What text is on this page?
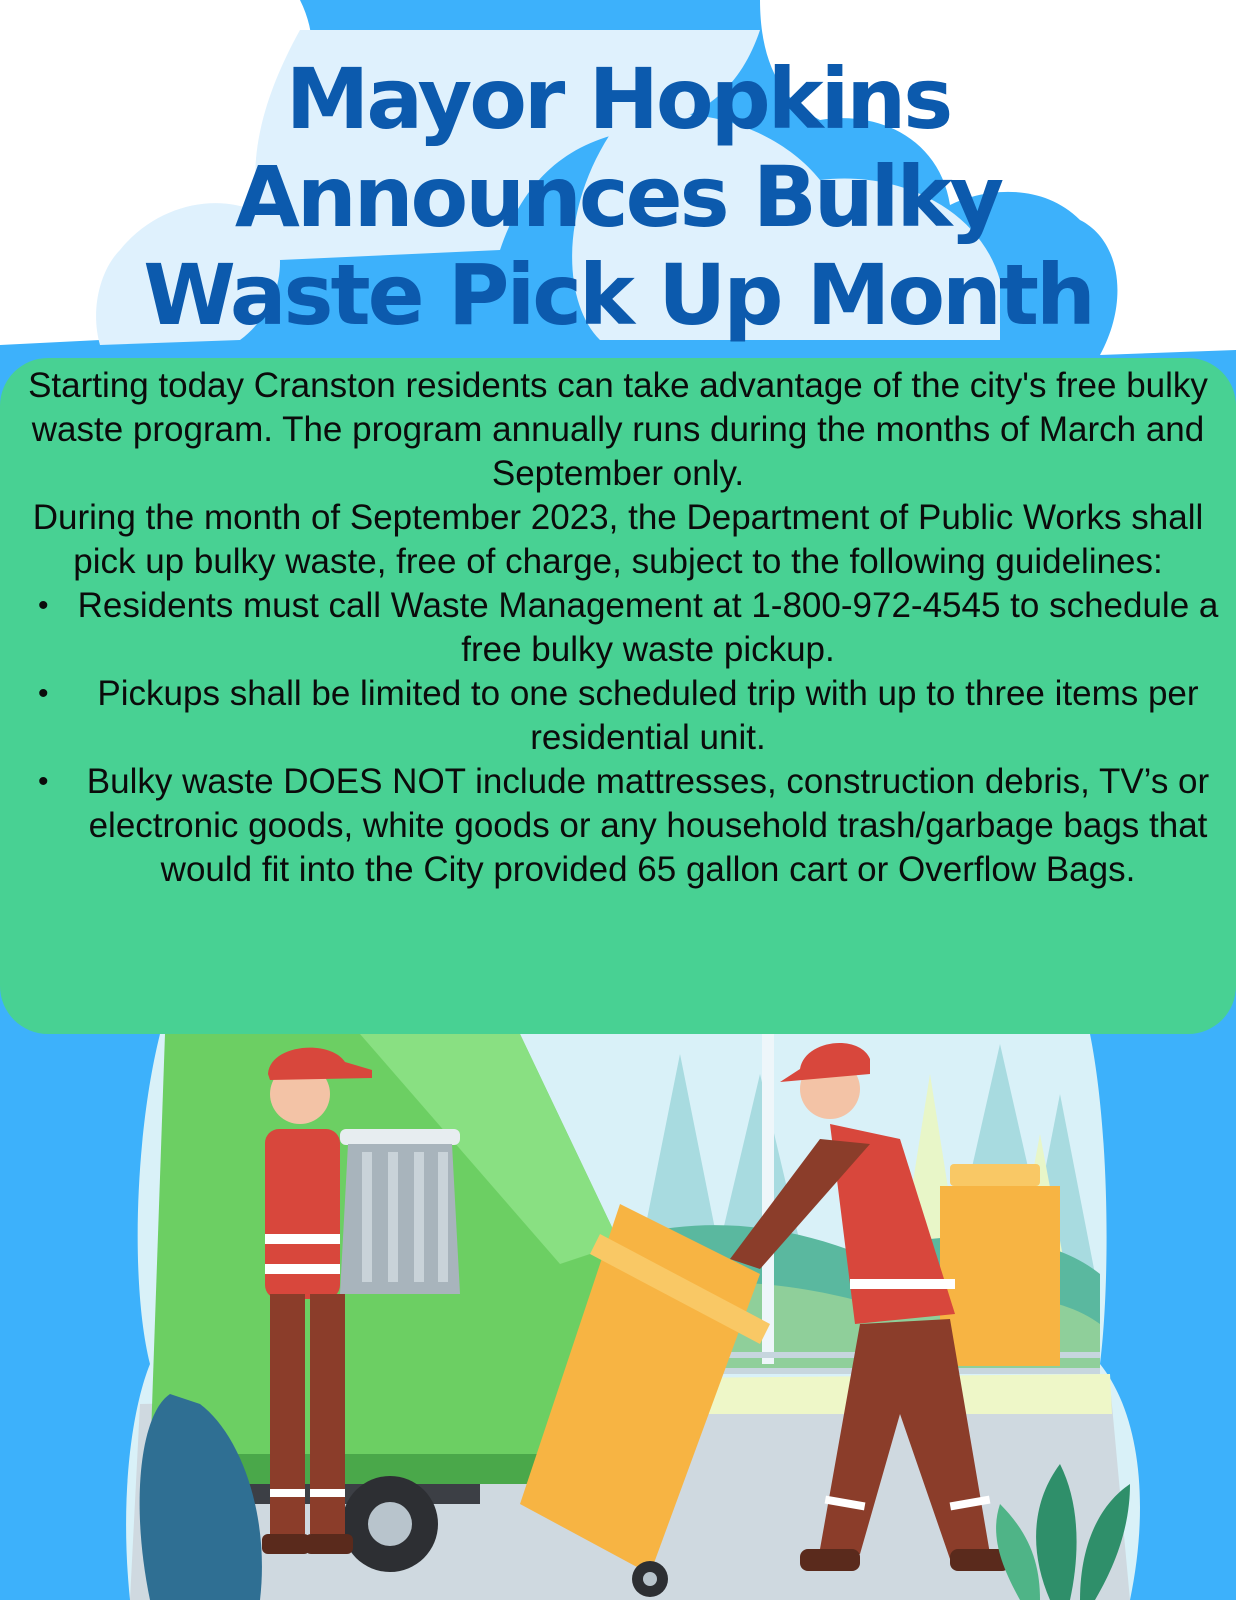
Mayor Hopkins
Announces Bulky
Waste Pick Up Month

Starting today Cranston residents can take advantage of the city's free bulky waste program. The program annually runs during the months of March and September only.

During the month of September 2023, the Department of Public Works shall pick up bulky waste, free of charge, subject to the following guidelines:

• Residents must call Waste Management at 1-800-972-4545 to schedule a free bulky waste pickup.
• Pickups shall be limited to one scheduled trip with up to three items per residential unit.
• Bulky waste DOES NOT include mattresses, construction debris, TV’s or electronic goods, white goods or any household trash/garbage bags that would fit into the City provided 65 gallon cart or Overflow Bags.
